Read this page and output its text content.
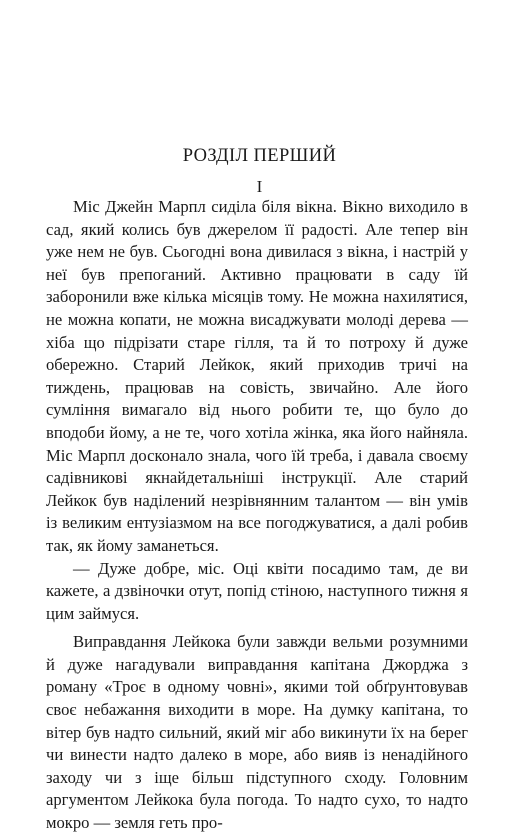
РОЗДІЛ ПЕРШИЙ
I

Міс Джейн Марпл сиділа біля вікна. Вікно виходило в сад, який колись був джерелом її радості. Але тепер він уже нем не був. Сьогодні вона дивилася з вікна, і настрій у неї був препоганий. Активно працювати в саду їй заборонили вже кілька місяців тому. Не можна нахилятися, не можна копати, не можна висаджувати молоді дерева — хіба що підрізати старе гілля, та й то потроху й дуже обережно. Старий Лейкок, який приходив тричі на тиждень, працював на совість, звичайно. Але його сумління вимагало від нього робити те, що було до вподоби йому, а не те, чого хотіла жінка, яка його найняла. Міс Марпл досконало знала, чого їй треба, і давала своєму садівникові якнайдетальніші інструкції. Але старий Лейкок був наділений незрівнянним талантом — він умів із великим ентузіазмом на все погоджуватися, а далі робив так, як йому заманеться.

— Дуже добре, міс. Оці квіти посадимо там, де ви кажете, а дзвіночки отут, попід стіною, наступного тижня я цим займуся.

Виправдання Лейкока були завжди вельми розумними й дуже нагадували виправдання капітана Джорджа з роману «Троє в одному човні», якими той обґрунтовував своє небажання виходити в море. На думку капітана, то вітер був надто сильний, який міг або викинути їх на берег чи винести надто далеко в море, або вияв із ненадійного заходу чи з іще більш підступного сходу. Головним аргументом Лейкока була погода. То надто сухо, то надто мокро — земля геть про-
